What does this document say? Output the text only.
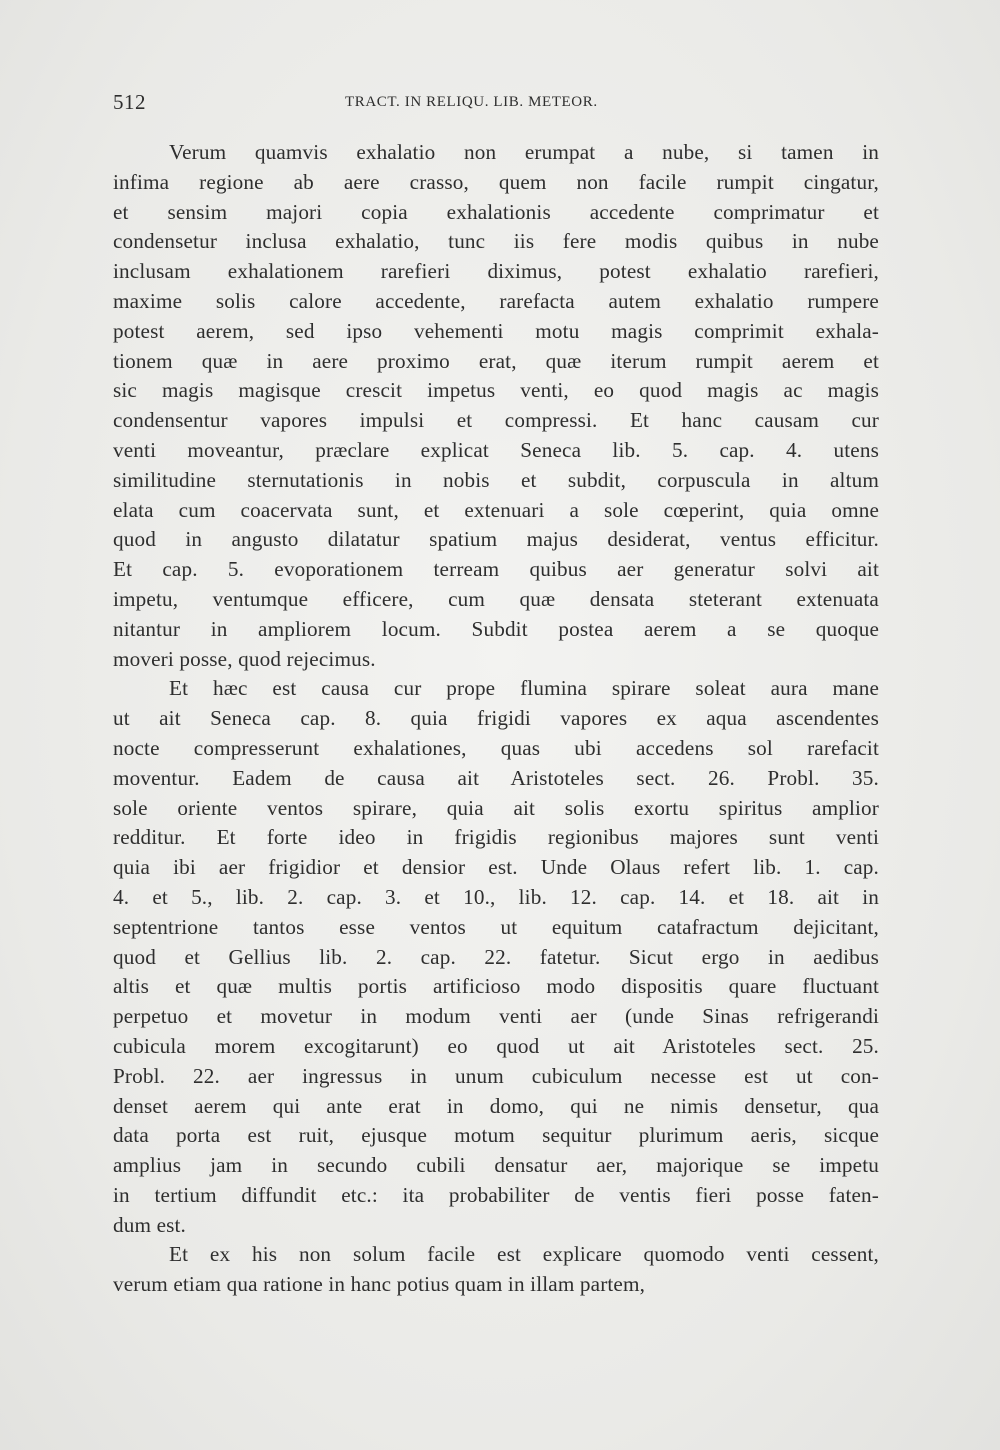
512	TRACT. IN RELIQU. LIB. METEOR.
Verum quamvis exhalatio non erumpat a nube, si tamen in
infima regione ab aere crasso, quem non facile rumpit cingatur,
et sensim majori copia exhalationis accedente comprimatur et
condensetur inclusa exhalatio, tunc iis fere modis quibus in nube
inclusam exhalationem rarefieri diximus, potest exhalatio rarefieri,
maxime solis calore accedente, rarefacta autem exhalatio rumpere
potest aerem, sed ipso vehementi motu magis comprimit exhala-
tionem quæ in aere proximo erat, quæ iterum rumpit aerem et
sic magis magisque crescit impetus venti, eo quod magis ac magis
condensentur vapores impulsi et compressi. Et hanc causam cur
venti moveantur, præclare explicat Seneca lib. 5. cap. 4. utens
similitudine sternutationis in nobis et subdit, corpuscula in altum
elata cum coacervata sunt, et extenuari a sole cœperint, quia omne
quod in angusto dilatatur spatium majus desiderat, ventus efficitur.
Et cap. 5. evoporationem terream quibus aer generatur solvi ait
impetu, ventumque efficere, cum quæ densata steterant extenuata
nitantur in ampliorem locum. Subdit postea aerem a se quoque
moveri posse, quod rejecimus.
Et hæc est causa cur prope flumina spirare soleat aura mane
ut ait Seneca cap. 8. quia frigidi vapores ex aqua ascendentes
nocte compresserunt exhalationes, quas ubi accedens sol rarefacit
moventur. Eadem de causa ait Aristoteles sect. 26. Probl. 35.
sole oriente ventos spirare, quia ait solis exortu spiritus amplior
redditur. Et forte ideo in frigidis regionibus majores sunt venti
quia ibi aer frigidior et densior est. Unde Olaus refert lib. 1. cap.
4. et 5., lib. 2. cap. 3. et 10., lib. 12. cap. 14. et 18. ait in
septentrione tantos esse ventos ut equitum catafractum dejicitant,
quod et Gellius lib. 2. cap. 22. fatetur. Sicut ergo in aedibus
altis et quæ multis portis artificioso modo dispositis quare fluctuant
perpetuo et movetur in modum venti aer (unde Sinas refrigerandi
cubicula morem excogitarunt) eo quod ut ait Aristoteles sect. 25.
Probl. 22. aer ingressus in unum cubiculum necesse est ut con-
denset aerem qui ante erat in domo, qui ne nimis densetur, qua
data porta est ruit, ejusque motum sequitur plurimum aeris, sicque
amplius jam in secundo cubili densatur aer, majorique se impetu
in tertium diffundit etc.: ita probabiliter de ventis fieri posse faten-
dum est.
Et ex his non solum facile est explicare quomodo venti cessent,
verum etiam qua ratione in hanc potius quam in illam partem,
